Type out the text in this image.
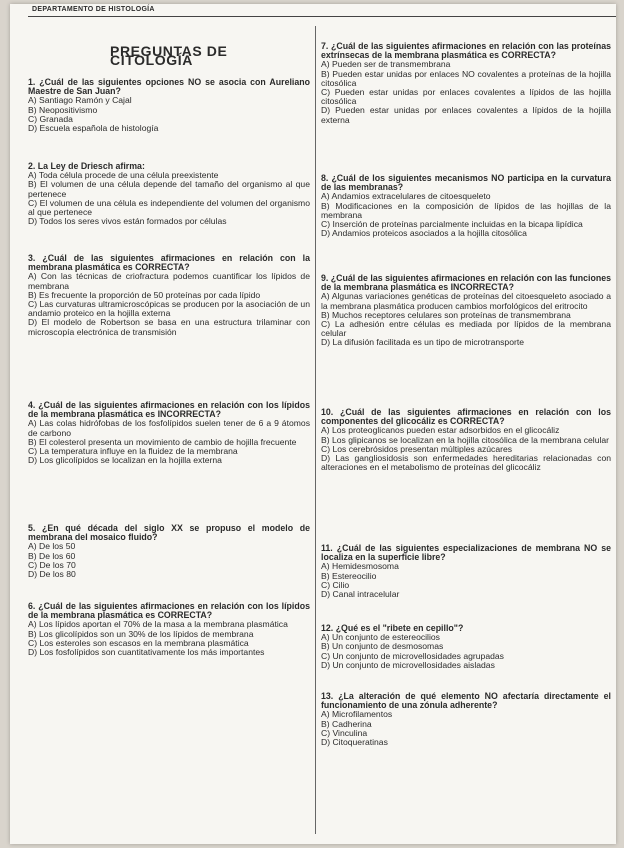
DEPARTAMENTO DE HISTOLOGÍA
PREGUNTAS DE CITOLOGÍA

1. ¿Cuál de las siguientes opciones NO se asocia con Aureliano Maestre de San Juan?

A) Santiago Ramón y Cajal

B) Neopositivismo

C) Granada

D) Escuela española de histología

2. La Ley de Driesch afirma:

A) Toda célula procede de una célula preexistente

B) El volumen de una célula depende del tamaño del organismo al que pertenece

C) El volumen de una célula es independiente del volumen del organismo al que pertenece

D) Todos los seres vivos están formados por células

3. ¿Cuál de las siguientes afirmaciones en relación con la membrana plasmática es CORRECTA?

A) Con las técnicas de criofractura podemos cuantificar los lípidos de membrana

B) Es frecuente la proporción de 50 proteínas por cada lípido

C) Las curvaturas ultramicroscópicas se producen por la asociación de un andamio proteico en la hojilla externa

D) El modelo de Robertson se basa en una estructura trilaminar con microscopía electrónica de transmisión

4. ¿Cuál de las siguientes afirmaciones en relación con los lípidos de la membrana plasmática es INCORRECTA?

A) Las colas hidrófobas de los fosfolípidos suelen tener de 6 a 9 átomos de carbono

B) El colesterol presenta un movimiento de cambio de hojilla frecuente

C) La temperatura influye en la fluidez de la membrana

D) Los glicolípidos se localizan en la hojilla externa

5. ¿En qué década del siglo XX se propuso el modelo de membrana del mosaico fluido?

A) De los 50

B) De los 60

C) De los 70

D) De los 80

6. ¿Cuál de las siguientes afirmaciones en relación con los lípidos de la membrana plasmática es CORRECTA?

A) Los lípidos aportan el 70% de la masa a la membrana plasmática

B) Los glicolípidos son un 30% de los lípidos de membrana

C) Los esteroles son escasos en la membrana plasmática

D) Los fosfolípidos son cuantitativamente los más importantes

7. ¿Cuál de las siguientes afirmaciones en relación con las proteínas extrínsecas de la membrana plasmática es CORRECTA?

A) Pueden ser de transmembrana

B) Pueden estar unidas por enlaces NO covalentes a proteínas de la hojilla citosólica

C) Pueden estar unidas por enlaces covalentes a lípidos de las hojilla citosólica

D) Pueden estar unidas por enlaces covalentes a lípidos de la hojilla externa

8. ¿Cuál de los siguientes mecanismos NO participa en la curvatura de las membranas?

A) Andamios extracelulares de citoesqueleto

B) Modificaciones en la composición de lípidos de las hojillas de la membrana

C) Inserción de proteínas parcialmente incluidas en la bicapa lipídica

D) Andamios proteicos asociados a la hojilla citosólica

9. ¿Cuál de las siguientes afirmaciones en relación con las funciones de la membrana plasmática es INCORRECTA?

A) Algunas variaciones genéticas de proteínas del citoesqueleto asociado a la membrana plasmática producen cambios morfológicos del eritrocito

B) Muchos receptores celulares son proteínas de transmembrana

C) La adhesión entre células es mediada por lípidos de la membrana celular

D) La difusión facilitada es un tipo de microtransporte

10. ¿Cuál de las siguientes afirmaciones en relación con los componentes del glicocáliz es CORRECTA?

A) Los proteoglicanos pueden estar adsorbidos en el glicocáliz

B) Los glipicanos se localizan en la hojilla citosólica de la membrana celular

C) Los cerebrósidos presentan múltiples azúcares

D) Las gangliosidosis son enfermedades hereditarias relacionadas con alteraciones en el metabolismo de proteínas del glicocáliz

11. ¿Cuál de las siguientes especializaciones de membrana NO se localiza en la superficie libre?

A) Hemidesmosoma

B) Estereocilio

C) Cilio

D) Canal intracelular

12. ¿Qué es el "ribete en cepillo"?

A) Un conjunto de estereocilios

B) Un conjunto de desmosomas

C) Un conjunto de microvellosidades agrupadas

D) Un conjunto de microvellosidades aisladas

13. ¿La alteración de qué elemento NO afectaría directamente el funcionamiento de una zónula adherente?

A) Microfilamentos

B) Cadherina

C) Vinculina

D) Citoqueratinas
